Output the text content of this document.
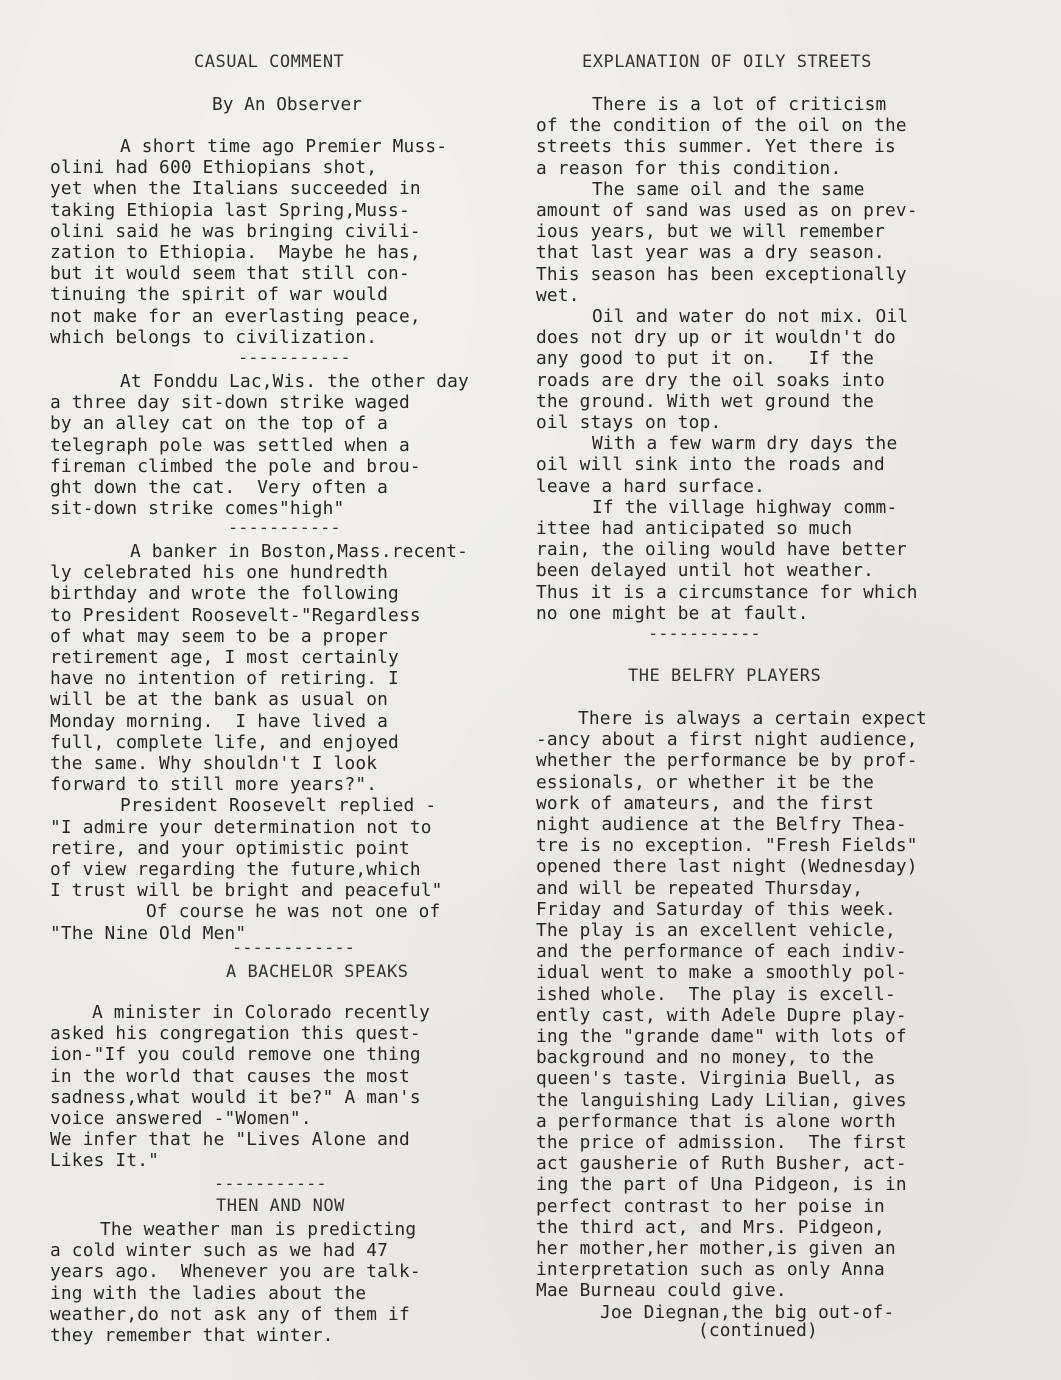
CASUAL COMMENT
By An Observer
A short time ago Premier Muss-
olini had 600 Ethiopians shot,
yet when the Italians succeeded in
taking Ethiopia last Spring,Muss-
olini said he was bringing civili-
zation to Ethiopia.  Maybe he has,
but it would seem that still con-
tinuing the spirit of war would
not make for an everlasting peace,
which belongs to civilization.
-----------
At Fonddu Lac,Wis. the other day
a three day sit-down strike waged
by an alley cat on the top of a
telegraph pole was settled when a
fireman climbed the pole and brou-
ght down the cat.  Very often a
sit-down strike comes"high"
-----------
A banker in Boston,Mass.recent-
ly celebrated his one hundredth
birthday and wrote the following
to President Roosevelt-"Regardless
of what may seem to be a proper
retirement age, I most certainly
have no intention of retiring. I
will be at the bank as usual on
Monday morning.  I have lived a
full, complete life, and enjoyed
the same. Why shouldn't I look
forward to still more years?".
President Roosevelt replied -
"I admire your determination not to
retire, and your optimistic point
of view regarding the future,which
I trust will be bright and peaceful"
Of course he was not one of
"The Nine Old Men"
------------
A BACHELOR SPEAKS
A minister in Colorado recently
asked his congregation this quest-
ion-"If you could remove one thing
in the world that causes the most
sadness,what would it be?" A man's
voice answered -"Women".
We infer that he "Lives Alone and
Likes It."
-----------
THEN AND NOW
The weather man is predicting
a cold winter such as we had 47
years ago.  Whenever you are talk-
ing with the ladies about the
weather,do not ask any of them if
they remember that winter.
EXPLANATION OF OILY STREETS
There is a lot of criticism
of the condition of the oil on the
streets this summer. Yet there is
a reason for this condition.
The same oil and the same
amount of sand was used as on prev-
ious years, but we will remember
that last year was a dry season.
This season has been exceptionally
wet.
Oil and water do not mix. Oil
does not dry up or it wouldn't do
any good to put it on.   If the
roads are dry the oil soaks into
the ground. With wet ground the
oil stays on top.
With a few warm dry days the
oil will sink into the roads and
leave a hard surface.
If the village highway comm-
ittee had anticipated so much
rain, the oiling would have better
been delayed until hot weather.
Thus it is a circumstance for which
no one might be at fault.
-----------
THE BELFRY PLAYERS
There is always a certain expect
-ancy about a first night audience,
whether the performance be by prof-
essionals, or whether it be the
work of amateurs, and the first
night audience at the Belfry Thea-
tre is no exception. "Fresh Fields"
opened there last night (Wednesday)
and will be repeated Thursday,
Friday and Saturday of this week.
The play is an excellent vehicle,
and the performance of each indiv-
idual went to make a smoothly pol-
ished whole.  The play is excell-
ently cast, with Adele Dupre play-
ing the "grande dame" with lots of
background and no money, to the
queen's taste. Virginia Buell, as
the languishing Lady Lilian, gives
a performance that is alone worth
the price of admission.  The first
act gausherie of Ruth Busher, act-
ing the part of Una Pidgeon, is in
perfect contrast to her poise in
the third act, and Mrs. Pidgeon,
her mother,her mother,is given an
interpretation such as only Anna
Mae Burneau could give.
Joe Diegnan,the big out-of-
(continued)
